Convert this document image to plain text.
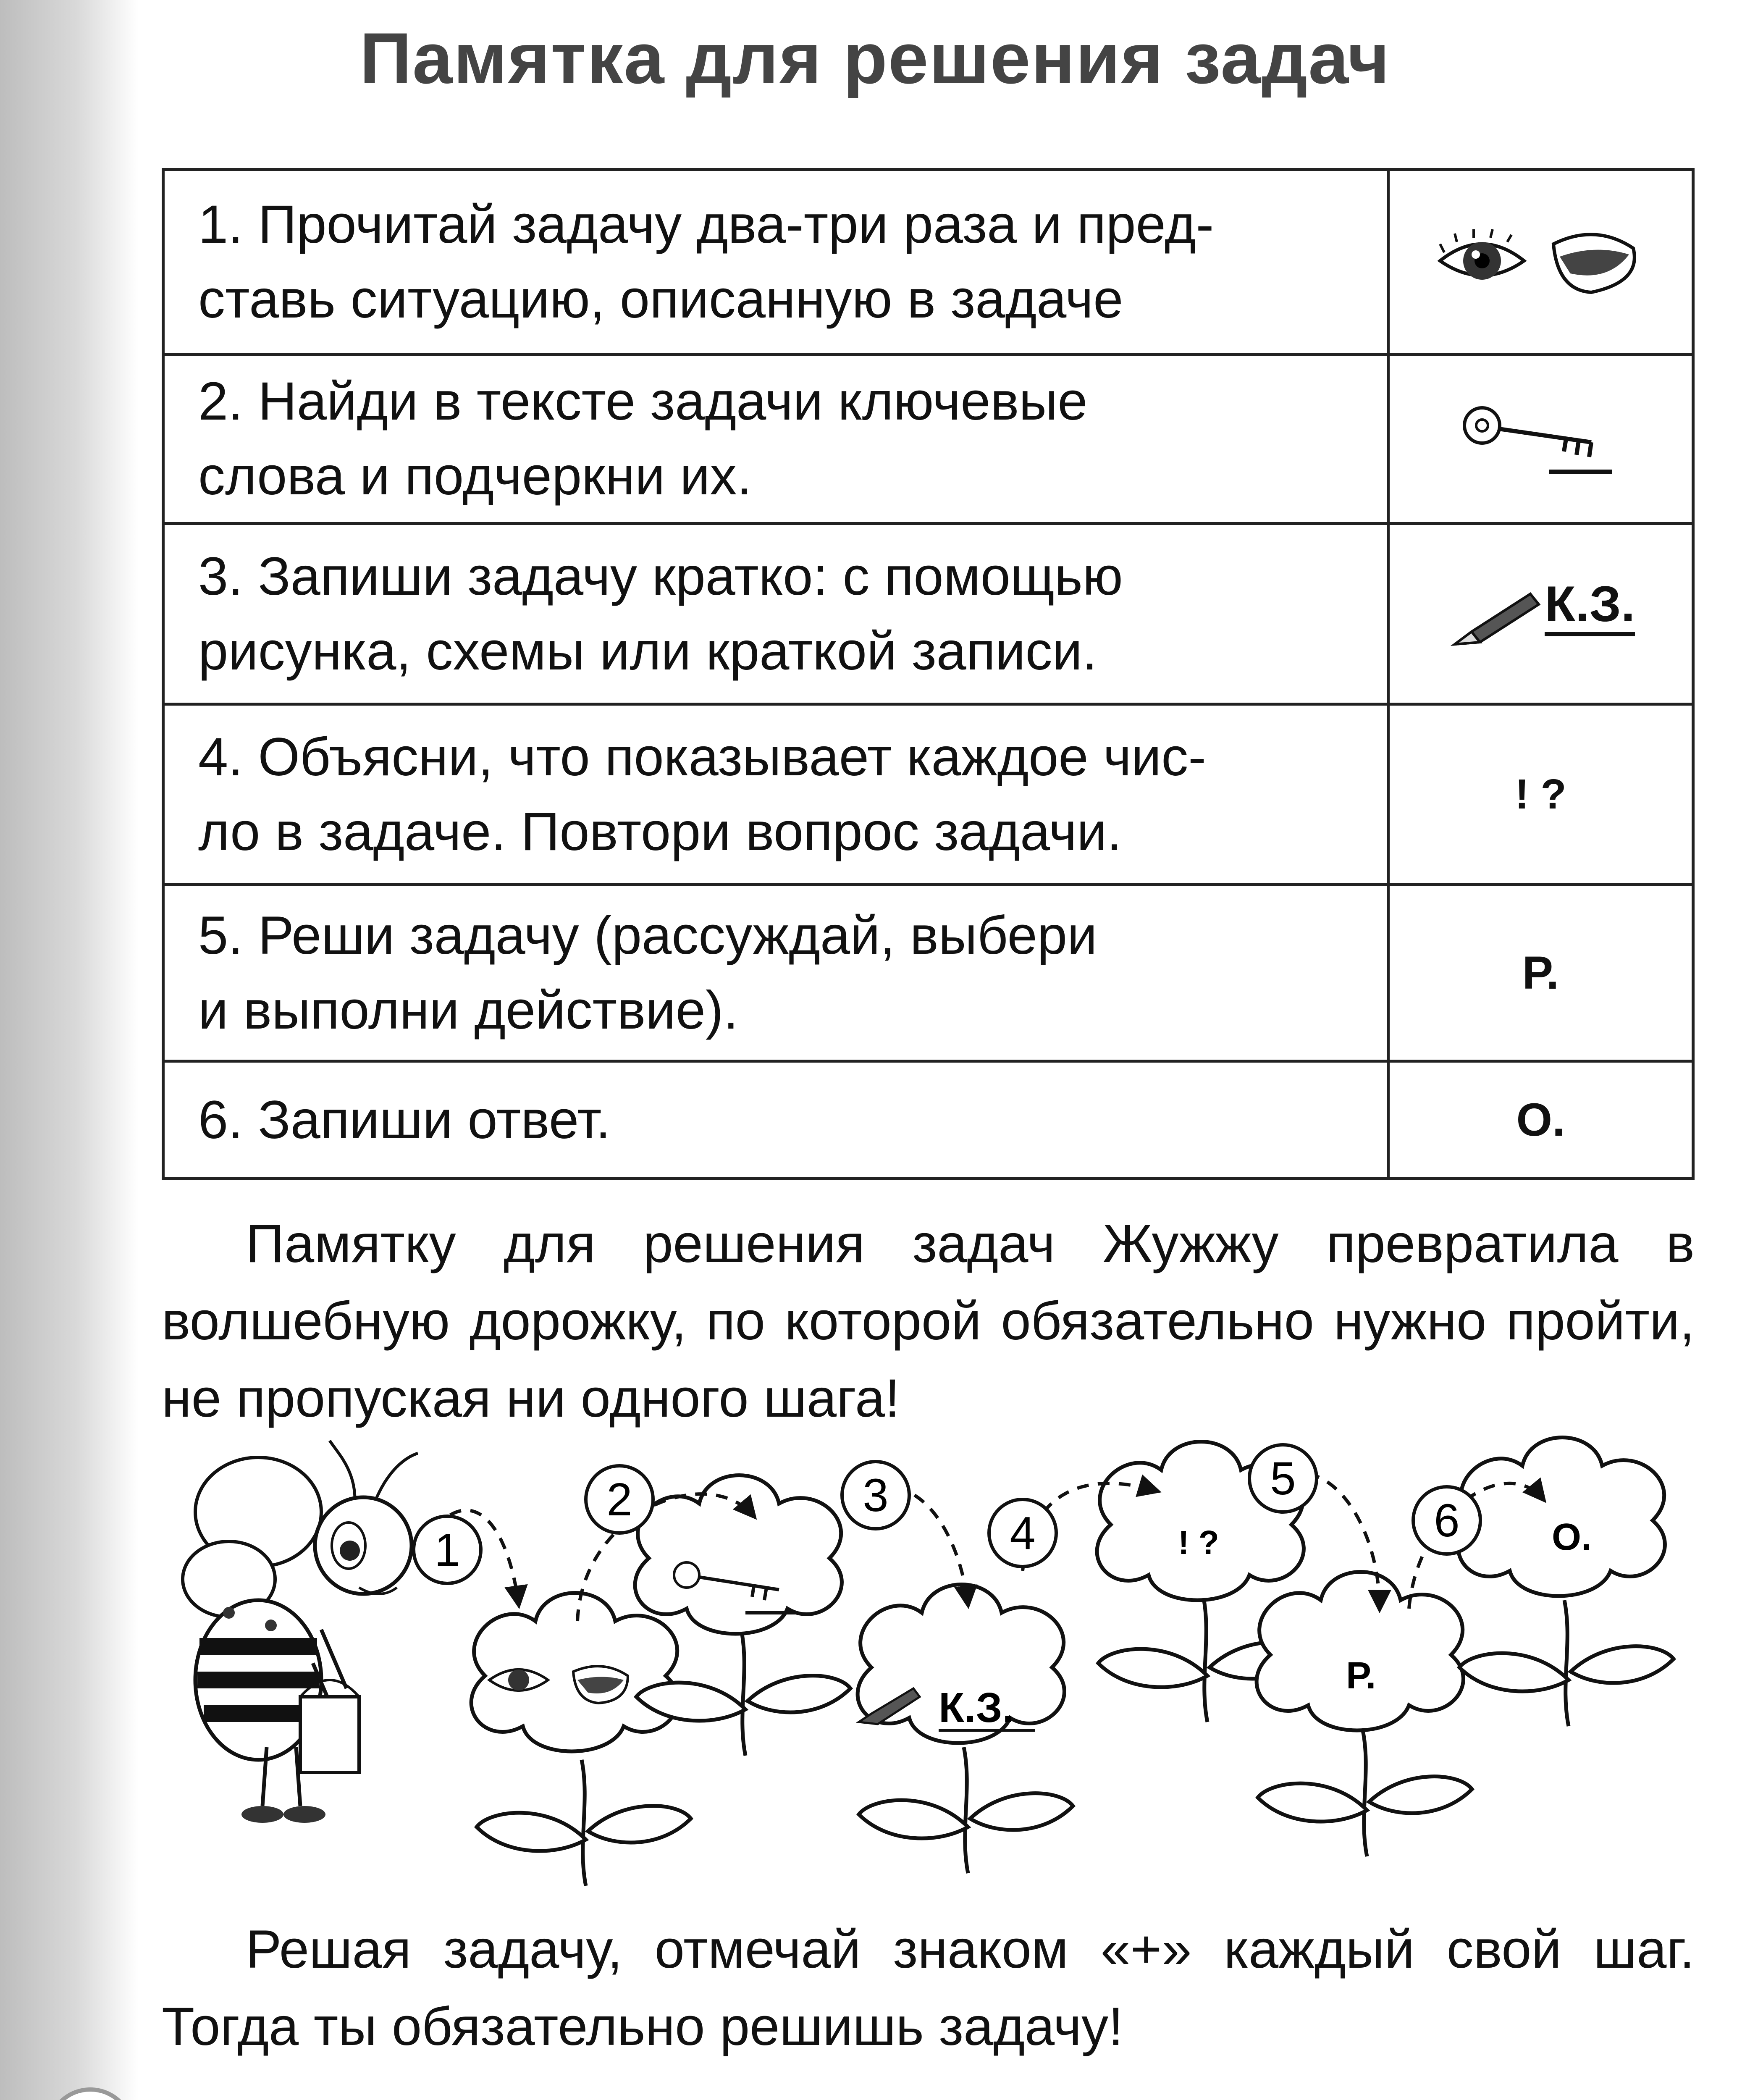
Памятка для решения задач
1. Прочитай задачу два-три раза и пред-
ставь ситуацию, описанную в задаче

2. Найди в тексте задачи ключевые
слова и подчеркни их.

3. Запиши задачу кратко: с помощью
рисунка, схемы или краткой записи.	К.З.

4. Объясни, что показывает каждое чис-
ло в задаче. Повтори вопрос задачи.	! ?

5. Реши задачу (рассуждай, выбери
и выполни действие).	Р.

6. Запиши ответ.	О.
Памятку для решения задач Жужжу превратила в волшебную дорожку, по которой обязательно нужно пройти, не пропуская ни одного шага!
К.З.
! ?
Р.
О.
1
2	3
4
5
6
Решая задачу, отмечай знаком «+» каждый свой шаг. Тогда ты обязательно решишь задачу!
